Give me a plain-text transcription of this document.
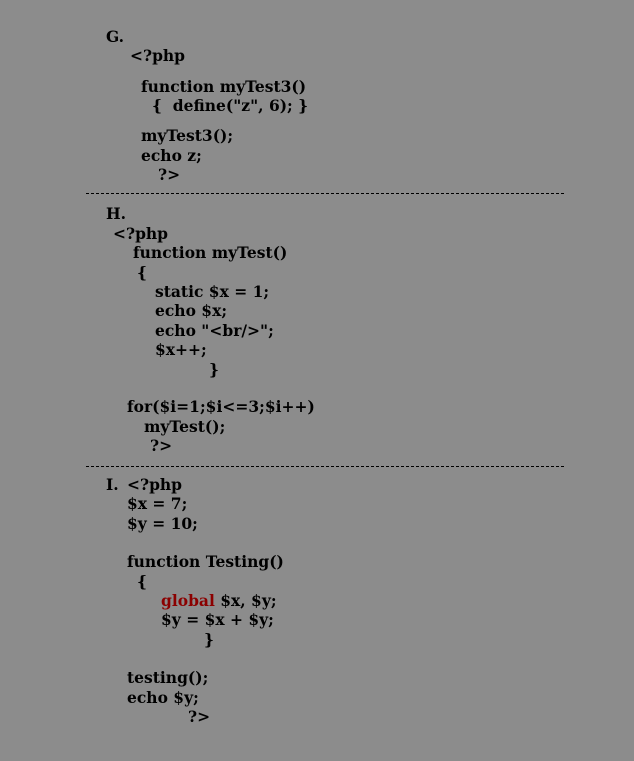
G.
<?php
function myTest3()
{  define("z", 6); }
myTest3();
echo z;
?>
H.
<?php
function myTest()
{
static $x = 1;
echo $x;
echo "<br/>";
$x++;
}
for($i=1;$i<=3;$i++)
myTest();
?>
I. <?php
$x = 7;
$y = 10;
function Testing()
{
global $x, $y;
$y = $x + $y;
}
testing();
echo $y;
?>
